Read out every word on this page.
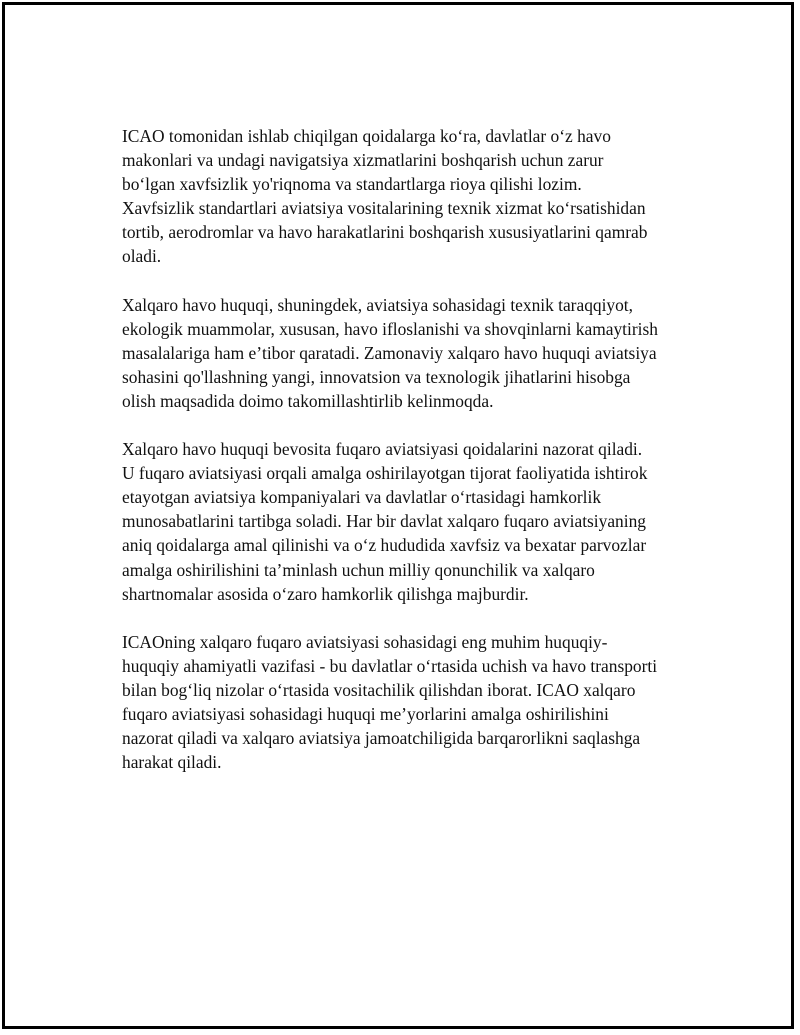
ICAO tomonidan ishlab chiqilgan qoidalarga koʻra, davlatlar oʻz havo
makonlari va undagi navigatsiya xizmatlarini boshqarish uchun zarur
boʻlgan xavfsizlik yo'riqnoma va standartlarga rioya qilishi lozim.
Xavfsizlik standartlari aviatsiya vositalarining texnik xizmat koʻrsatishidan
tortib, aerodromlar va havo harakatlarini boshqarish xususiyatlarini qamrab
oladi.

Xalqaro havo huquqi, shuningdek, aviatsiya sohasidagi texnik taraqqiyot,
ekologik muammolar, xususan, havo ifloslanishi va shovqinlarni kamaytirish
masalalariga ham eʼtibor qaratadi. Zamonaviy xalqaro havo huquqi aviatsiya
sohasini qo'llashning yangi, innovatsion va texnologik jihatlarini hisobga
olish maqsadida doimo takomillashtirlib kelinmoqda.

Xalqaro havo huquqi bevosita fuqaro aviatsiyasi qoidalarini nazorat qiladi.
U fuqaro aviatsiyasi orqali amalga oshirilayotgan tijorat faoliyatida ishtirok
etayotgan aviatsiya kompaniyalari va davlatlar oʻrtasidagi hamkorlik
munosabatlarini tartibga soladi. Har bir davlat xalqaro fuqaro aviatsiyaning
aniq qoidalarga amal qilinishi va oʻz hududida xavfsiz va bexatar parvozlar
amalga oshirilishini taʼminlash uchun milliy qonunchilik va xalqaro
shartnomalar asosida oʻzaro hamkorlik qilishga majburdir.

ICAOning xalqaro fuqaro aviatsiyasi sohasidagi eng muhim huquqiy-
huquqiy ahamiyatli vazifasi - bu davlatlar oʻrtasida uchish va havo transporti
bilan bogʻliq nizolar oʻrtasida vositachilik qilishdan iborat. ICAO xalqaro
fuqaro aviatsiyasi sohasidagi huquqi meʼyorlarini amalga oshirilishini
nazorat qiladi va xalqaro aviatsiya jamoatchiligida barqarorlikni saqlashga
harakat qiladi.
